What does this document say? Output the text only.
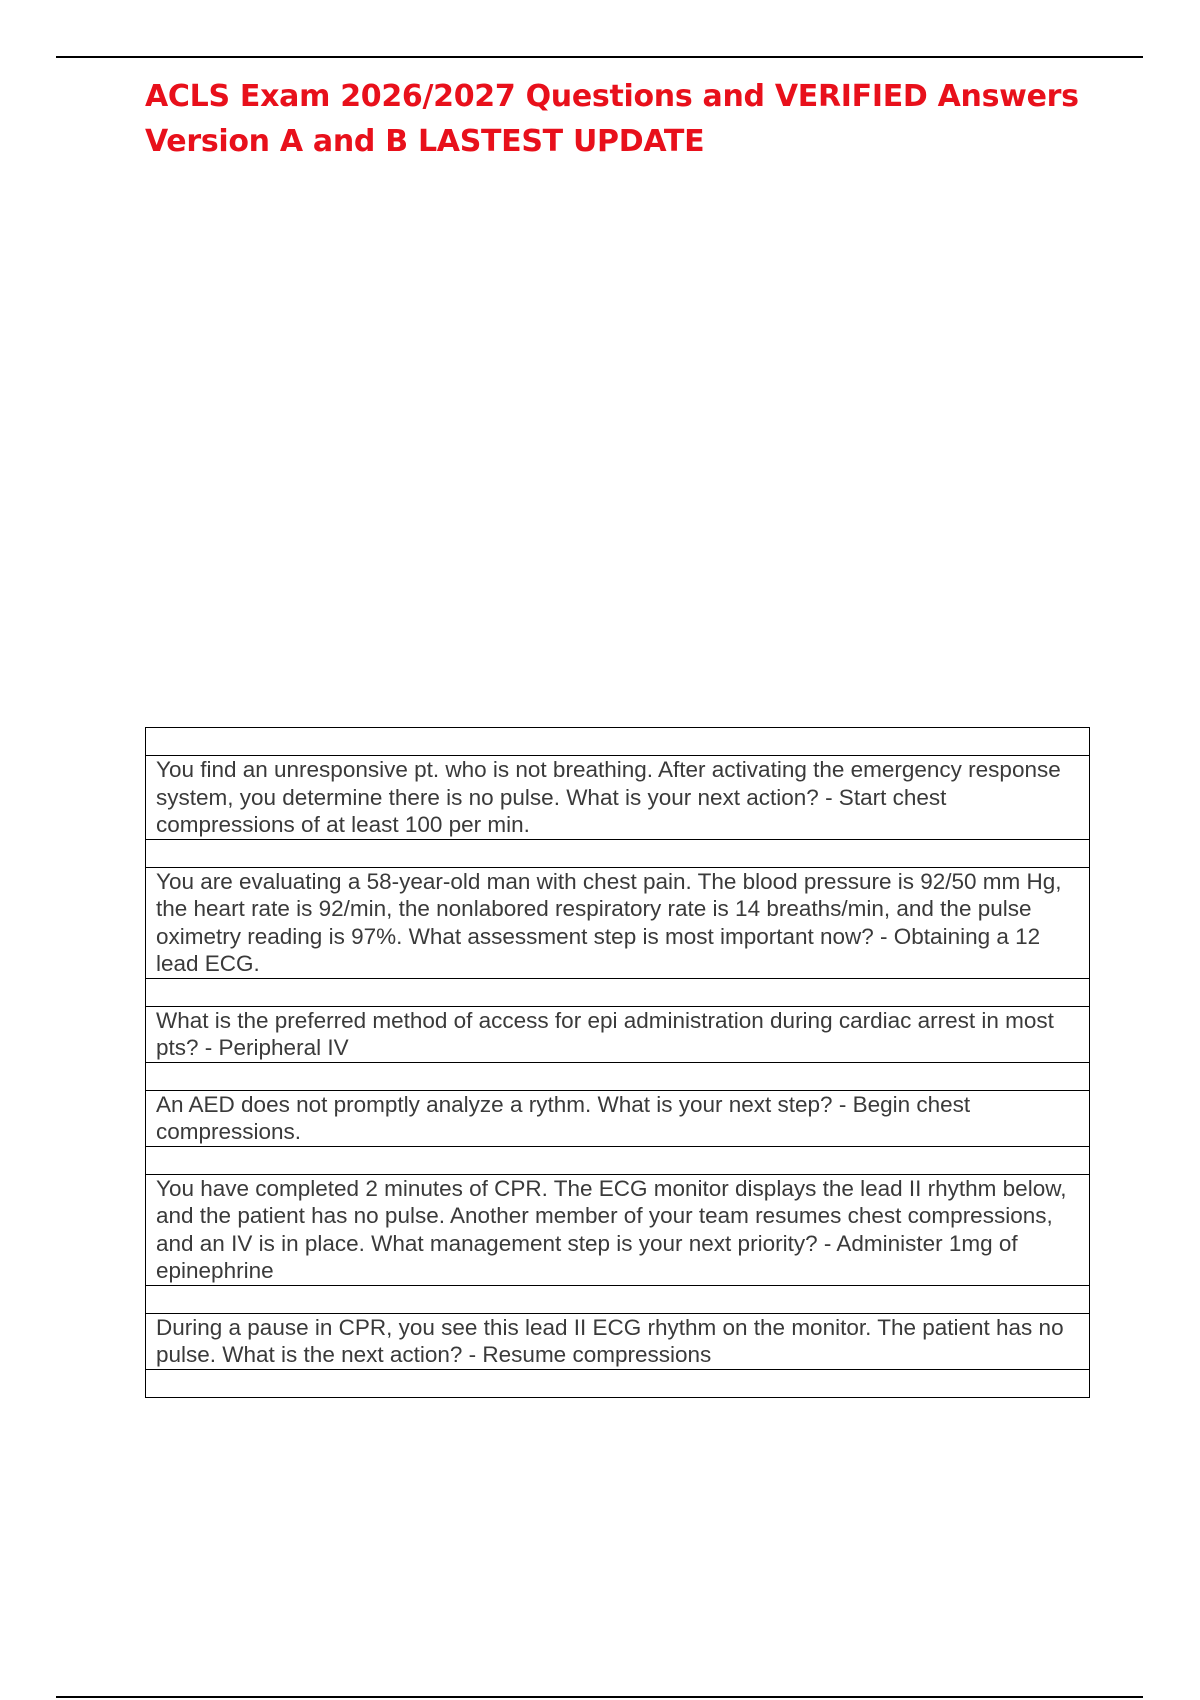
ACLS Exam 2026/2027 Questions and VERIFIED Answers
Version A and B LASTEST UPDATE

You find an unresponsive pt. who is not breathing. After activating the emergency response system, you determine there is no pulse. What is your next action? - Start chest compressions of at least 100 per min.

You are evaluating a 58-year-old man with chest pain. The blood pressure is 92/50 mm Hg, the heart rate is 92/min, the nonlabored respiratory rate is 14 breaths/min, and the pulse oximetry reading is 97%. What assessment step is most important now? - Obtaining a 12 lead ECG.

What is the preferred method of access for epi administration during cardiac arrest in most pts? - Peripheral IV

An AED does not promptly analyze a rythm. What is your next step? - Begin chest compressions.

You have completed 2 minutes of CPR. The ECG monitor displays the lead II rhythm below, and the patient has no pulse. Another member of your team resumes chest compressions, and an IV is in place. What management step is your next priority? - Administer 1mg of epinephrine

During a pause in CPR, you see this lead II ECG rhythm on the monitor. The patient has no pulse. What is the next action? - Resume compressions
